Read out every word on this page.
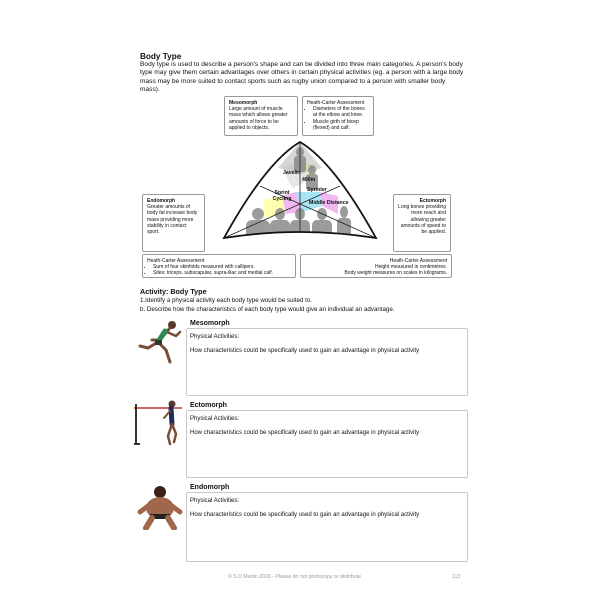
Body Type
Body type is used to describe a person's shape and can be divided into three main categories. A person's body type may give them certain advantages over others in certain physical activities (eg. a person with a large body mass may be more suited to contact sports such as rugby union compared to a person with smaller body mass).
Mesomorph
Large amount of muscle mass which allows greater amounts of force to be applied to objects.
Heath-Carter Assessment
• Diameters of the bones at the elbow and knee.
• Muscle girth of bicep (flexed) and calf.
Endomorph
Greater amounts of body fat increase body mass providing more stability in contact sport.
Ectomorph
Long bones providing more reach and allowing greater amounts of speed to be applied.
Javelin
400m
Sprinter
Sprint
Cycling
Middle Distance
Heath-Carter Assessment
• Sum of four skinfolds measured with callipers.
• Sites: triceps, subscapular, supra-iliac and medial calf.
Heath-Carter Assessment
Height measured in centimetres.
Body weight measures on scales in kilograms.
Activity: Body Type
1.Identify a physical activity each body type would be suited to.
b. Describe how the characteristics of each body type would give an individual an advantage.
Mesomorph
Physical Activities:
How characteristics could be specifically used to gain an advantage in physical activity
Ectomorph
Physical Activities:
How characteristics could be specifically used to gain an advantage in physical activity
Endomorph
Physical Activities:
How characteristics could be specifically used to gain an advantage in physical activity
© S D Martin 2026 - Please do not photocopy or distribute	113
